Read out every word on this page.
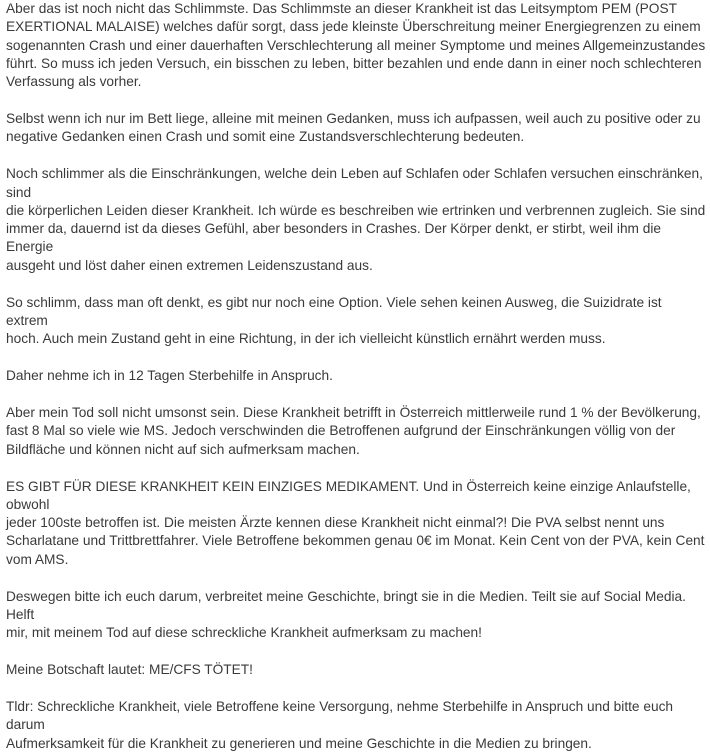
Aber das ist noch nicht das Schlimmste. Das Schlimmste an dieser Krankheit ist das Leitsymptom PEM (POST
EXERTIONAL MALAISE) welches dafür sorgt, dass jede kleinste Überschreitung meiner Energiegrenzen zu einem
sogenannten Crash und einer dauerhaften Verschlechterung all meiner Symptome und meines Allgemeinzustandes
führt. So muss ich jeden Versuch, ein bisschen zu leben, bitter bezahlen und ende dann in einer noch schlechteren
Verfassung als vorher.

Selbst wenn ich nur im Bett liege, alleine mit meinen Gedanken, muss ich aufpassen, weil auch zu positive oder zu
negative Gedanken einen Crash und somit eine Zustandsverschlechterung bedeuten.

Noch schlimmer als die Einschränkungen, welche dein Leben auf Schlafen oder Schlafen versuchen einschränken, sind
die körperlichen Leiden dieser Krankheit. Ich würde es beschreiben wie ertrinken und verbrennen zugleich. Sie sind
immer da, dauernd ist da dieses Gefühl, aber besonders in Crashes. Der Körper denkt, er stirbt, weil ihm die Energie
ausgeht und löst daher einen extremen Leidenszustand aus.

So schlimm, dass man oft denkt, es gibt nur noch eine Option. Viele sehen keinen Ausweg, die Suizidrate ist extrem
hoch. Auch mein Zustand geht in eine Richtung, in der ich vielleicht künstlich ernährt werden muss.

Daher nehme ich in 12 Tagen Sterbehilfe in Anspruch.

Aber mein Tod soll nicht umsonst sein. Diese Krankheit betrifft in Österreich mittlerweile rund 1 % der Bevölkerung,
fast 8 Mal so viele wie MS. Jedoch verschwinden die Betroffenen aufgrund der Einschränkungen völlig von der
Bildfläche und können nicht auf sich aufmerksam machen.

ES GIBT FÜR DIESE KRANKHEIT KEIN EINZIGES MEDIKAMENT. Und in Österreich keine einzige Anlaufstelle, obwohl
jeder 100ste betroffen ist. Die meisten Ärzte kennen diese Krankheit nicht einmal?! Die PVA selbst nennt uns
Scharlatane und Trittbrettfahrer. Viele Betroffene bekommen genau 0€ im Monat. Kein Cent von der PVA, kein Cent
vom AMS.

Deswegen bitte ich euch darum, verbreitet meine Geschichte, bringt sie in die Medien. Teilt sie auf Social Media. Helft
mir, mit meinem Tod auf diese schreckliche Krankheit aufmerksam zu machen!

Meine Botschaft lautet: ME/CFS TÖTET!

Tldr: Schreckliche Krankheit, viele Betroffene keine Versorgung, nehme Sterbehilfe in Anspruch und bitte euch darum
Aufmerksamkeit für die Krankheit zu generieren und meine Geschichte in die Medien zu bringen.
